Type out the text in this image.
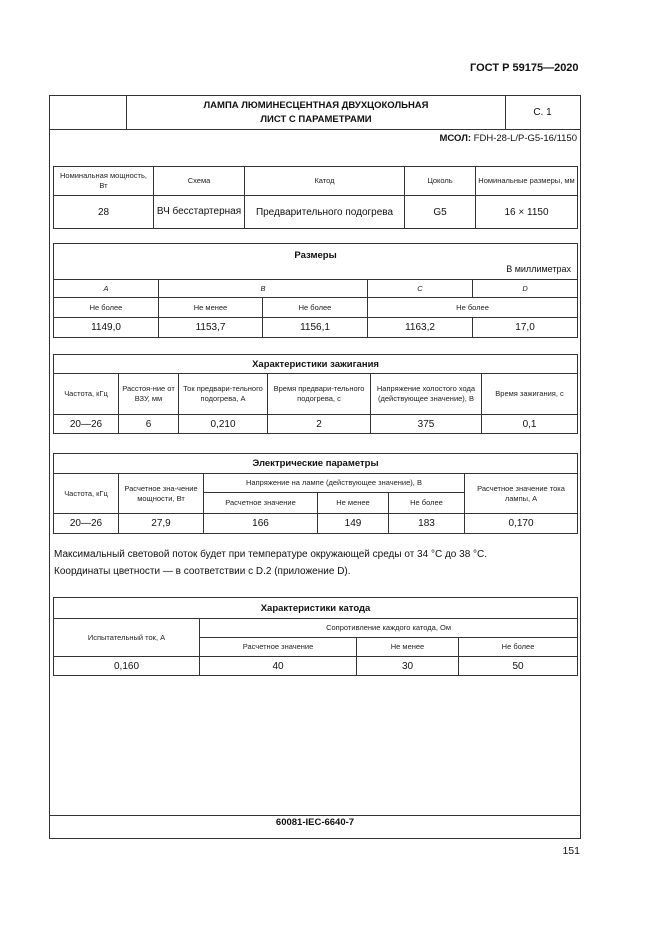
ГОСТ Р 59175—2020
ЛАМПА ЛЮМИНЕСЦЕНТНАЯ ДВУХЦОКОЛЬНАЯ
ЛИСТ С ПАРАМЕТРАМИ
С. 1
МСОЛ: FDH-28-L/P-G5-16/1150
Номинальная мощность, Вт	Схема	Катод	Цоколь	Номинальные размеры, мм
28	ВЧ бесстартерная	Предварительного подогрева	G5	16 × 1150
Размеры				
A	B		C	D
Не более	Не менее	Не более	Не более	
1149,0	1153,7	1156,1	1163,2	17,0
В миллиметрах
Характеристики зажигания					
Частота, кГц	Расстоя-ние от ВЗУ, мм	Ток предвари-тельного подогрева, А	Время предвари-тельного подогрева, с	Напряжение холостого хода (действующее значение), В	Время зажигания, с
20—26	6	0,210	2	375	0,1
Электрические параметры					
Частота, кГц	Расчетное зна-чение мощности, Вт	Напряжение на лампе (действующее значение), В			Расчетное значение тока лампы, А
		Расчетное значение	Не менее	Не более	
20—26	27,9	166	149	183	0,170
Максимальный световой поток будет при температуре окружающей среды от 34 °С до 38 °С.
Координаты цветности — в соответствии с D.2 (приложение D).
Характеристики катода			
Испытательный ток, А	Сопротивление каждого катода, Ом		
	Расчетное значение	Не менее	Не более
0,160	40	30	50
60081-IEC-6640-7
151
